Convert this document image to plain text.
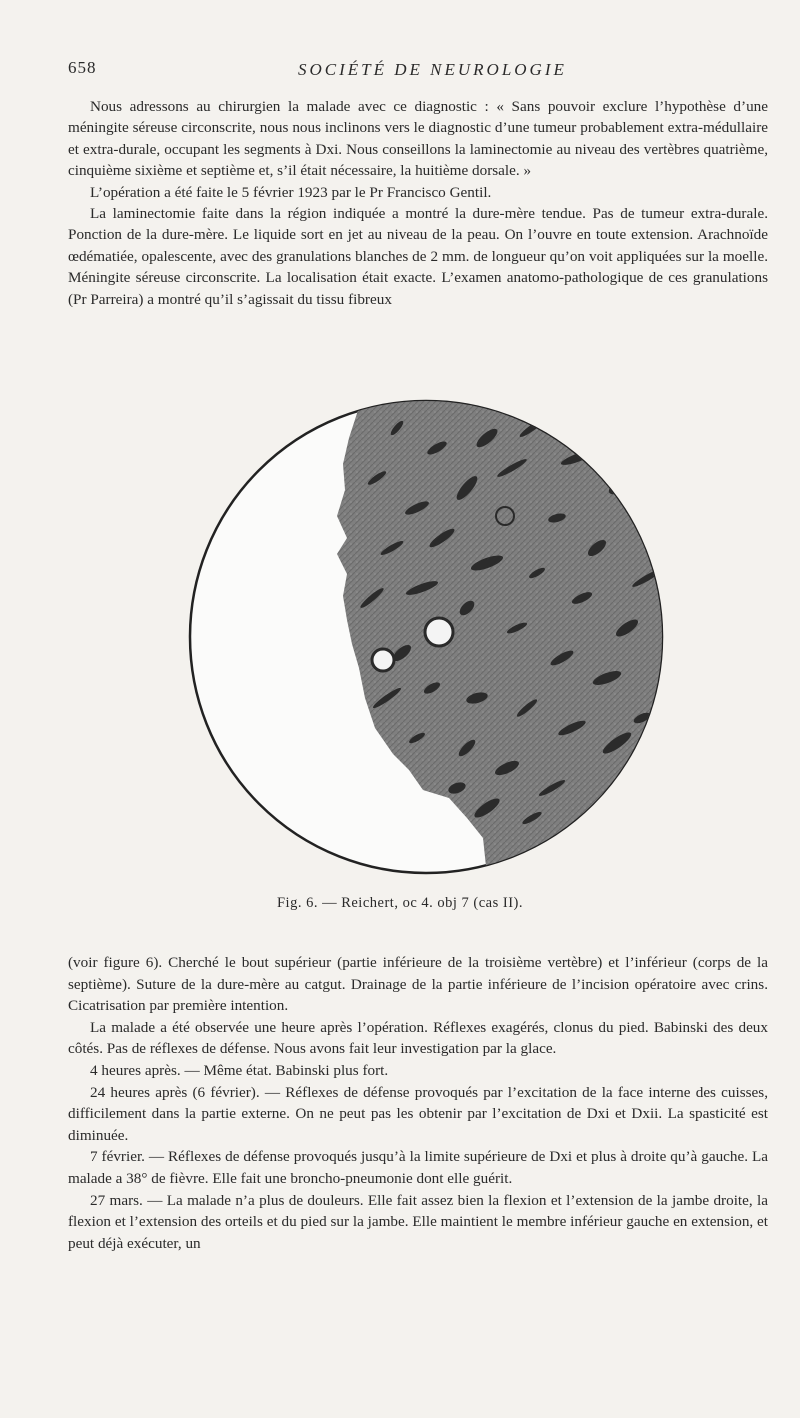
658	SOCIÉTÉ DE NEUROLOGIE

Nous adressons au chirurgien la malade avec ce diagnostic : « Sans pouvoir exclure l’hypothèse d’une méningite séreuse circonscrite, nous nous inclinons vers le diagnostic d’une tumeur probablement extra-médullaire et extra-durale, occupant les segments à Dxi. Nous conseillons la laminectomie au niveau des vertèbres quatrième, cinquième sixième et septième et, s’il était nécessaire, la huitième dorsale. »

L’opération a été faite le 5 février 1923 par le Pr Francisco Gentil.

La laminectomie faite dans la région indiquée a montré la dure-mère tendue. Pas de tumeur extra-durale. Ponction de la dure-mère. Le liquide sort en jet au niveau de la peau. On l’ouvre en toute extension. Arachnoïde œdématiée, opalescente, avec des granulations blanches de 2 mm. de longueur qu’on voit appliquées sur la moelle. Méningite séreuse circonscrite. La localisation était exacte. L’examen anatomo-pathologique de ces granulations (Pr Parreira) a montré qu’il s’agissait du tissu fibreux

Fig. 6. — Reichert, oc 4. obj 7 (cas II).

(voir figure 6). Cherché le bout supérieur (partie inférieure de la troisième vertèbre) et l’inférieur (corps de la septième). Suture de la dure-mère au catgut. Drainage de la partie inférieure de l’incision opératoire avec crins. Cicatrisation par première intention.

La malade a été observée une heure après l’opération. Réflexes exagérés, clonus du pied. Babinski des deux côtés. Pas de réflexes de défense. Nous avons fait leur investigation par la glace.

4 heures après. — Même état. Babinski plus fort.

24 heures après (6 février). — Réflexes de défense provoqués par l’excitation de la face interne des cuisses, difficilement dans la partie externe. On ne peut pas les obtenir par l’excitation de Dxi et Dxii. La spasticité est diminuée.

7 février. — Réflexes de défense provoqués jusqu’à la limite supérieure de Dxi et plus à droite qu’à gauche. La malade a 38° de fièvre. Elle fait une broncho-pneumonie dont elle guérit.

27 mars. — La malade n’a plus de douleurs. Elle fait assez bien la flexion et l’extension de la jambe droite, la flexion et l’extension des orteils et du pied sur la jambe. Elle maintient le membre inférieur gauche en extension, et peut déjà exécuter, un
